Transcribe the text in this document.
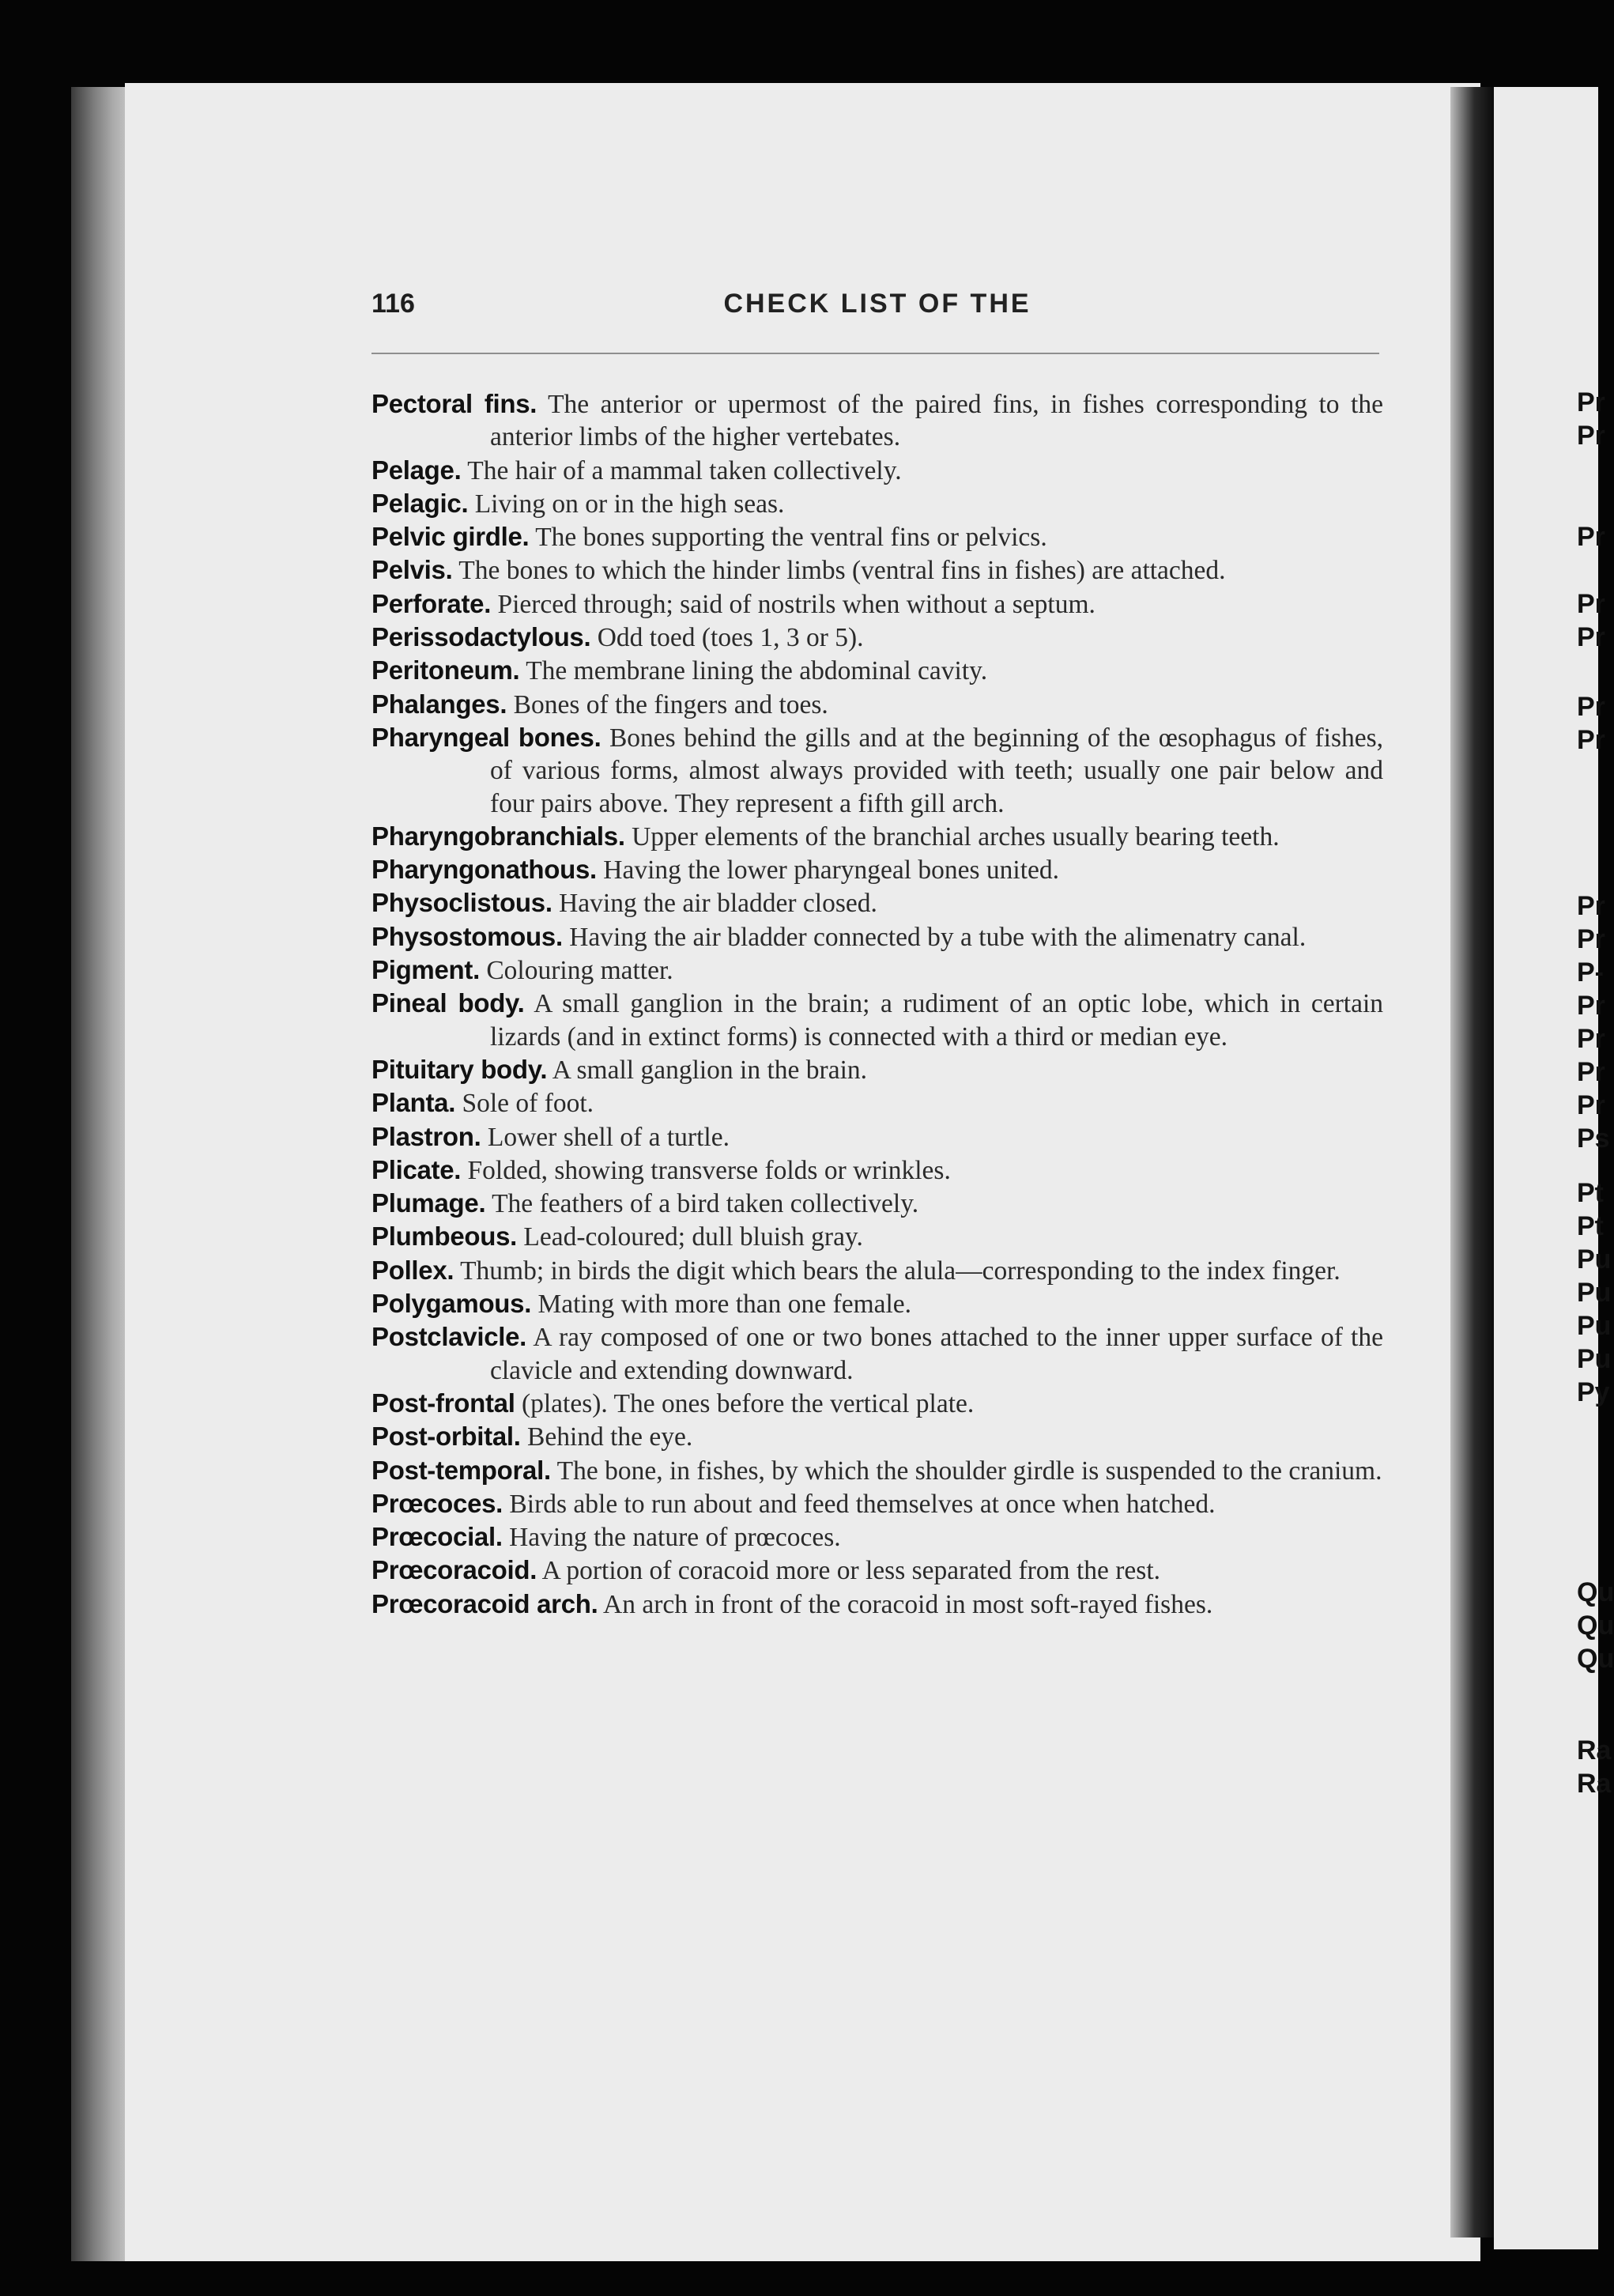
116	CHECK LIST OF THE
Pectoral fins. The anterior or upermost of the paired fins, in fishes corresponding to the anterior limbs of the higher vertebates.
Pelage. The hair of a mammal taken collectively.
Pelagic. Living on or in the high seas.
Pelvic girdle. The bones supporting the ventral fins or pelvics.
Pelvis. The bones to which the hinder limbs (ventral fins in fishes) are attached.
Perforate. Pierced through; said of nostrils when without a septum.
Perissodactylous. Odd toed (toes 1, 3 or 5).
Peritoneum. The membrane lining the abdominal cavity.
Phalanges. Bones of the fingers and toes.
Pharyngeal bones. Bones behind the gills and at the beginning of the œsophagus of fishes, of various forms, almost always provided with teeth; usually one pair below and four pairs above. They represent a fifth gill arch.
Pharyngobranchials. Upper elements of the branchial arches usually bearing teeth.
Pharyngonathous. Having the lower pharyngeal bones united.
Physoclistous. Having the air bladder closed.
Physostomous. Having the air bladder connected by a tube with the alimenatry canal.
Pigment. Colouring matter.
Pineal body. A small ganglion in the brain; a rudiment of an optic lobe, which in certain lizards (and in extinct forms) is connected with a third or median eye.
Pituitary body. A small ganglion in the brain.
Planta. Sole of foot.
Plastron. Lower shell of a turtle.
Plicate. Folded, showing transverse folds or wrinkles.
Plumage. The feathers of a bird taken collectively.
Plumbeous. Lead-coloured; dull bluish gray.
Pollex. Thumb; in birds the digit which bears the alula—corresponding to the index finger.
Polygamous. Mating with more than one female.
Postclavicle. A ray composed of one or two bones attached to the inner upper surface of the clavicle and extending downward.
Post-frontal (plates). The ones before the vertical plate.
Post-orbital. Behind the eye.
Post-temporal. The bone, in fishes, by which the shoulder girdle is suspended to the cranium.
Prœcoces. Birds able to run about and feed themselves at once when hatched.
Prœcocial. Having the nature of prœcoces.
Prœcoracoid. A portion of coracoid more or less separated from the rest.
Prœcoracoid arch. An arch in front of the coracoid in most soft-rayed fishes.
Pr
Pr
Pr
Pr
Pr
Pr
Pr
Pr
Pr
P-
Pr
Pr
Pr
Pr
Ps
Pt
Pt
Pu
Pu
Pu
Pu
Py
Qu
Qu
Qu
Ra
Ra
